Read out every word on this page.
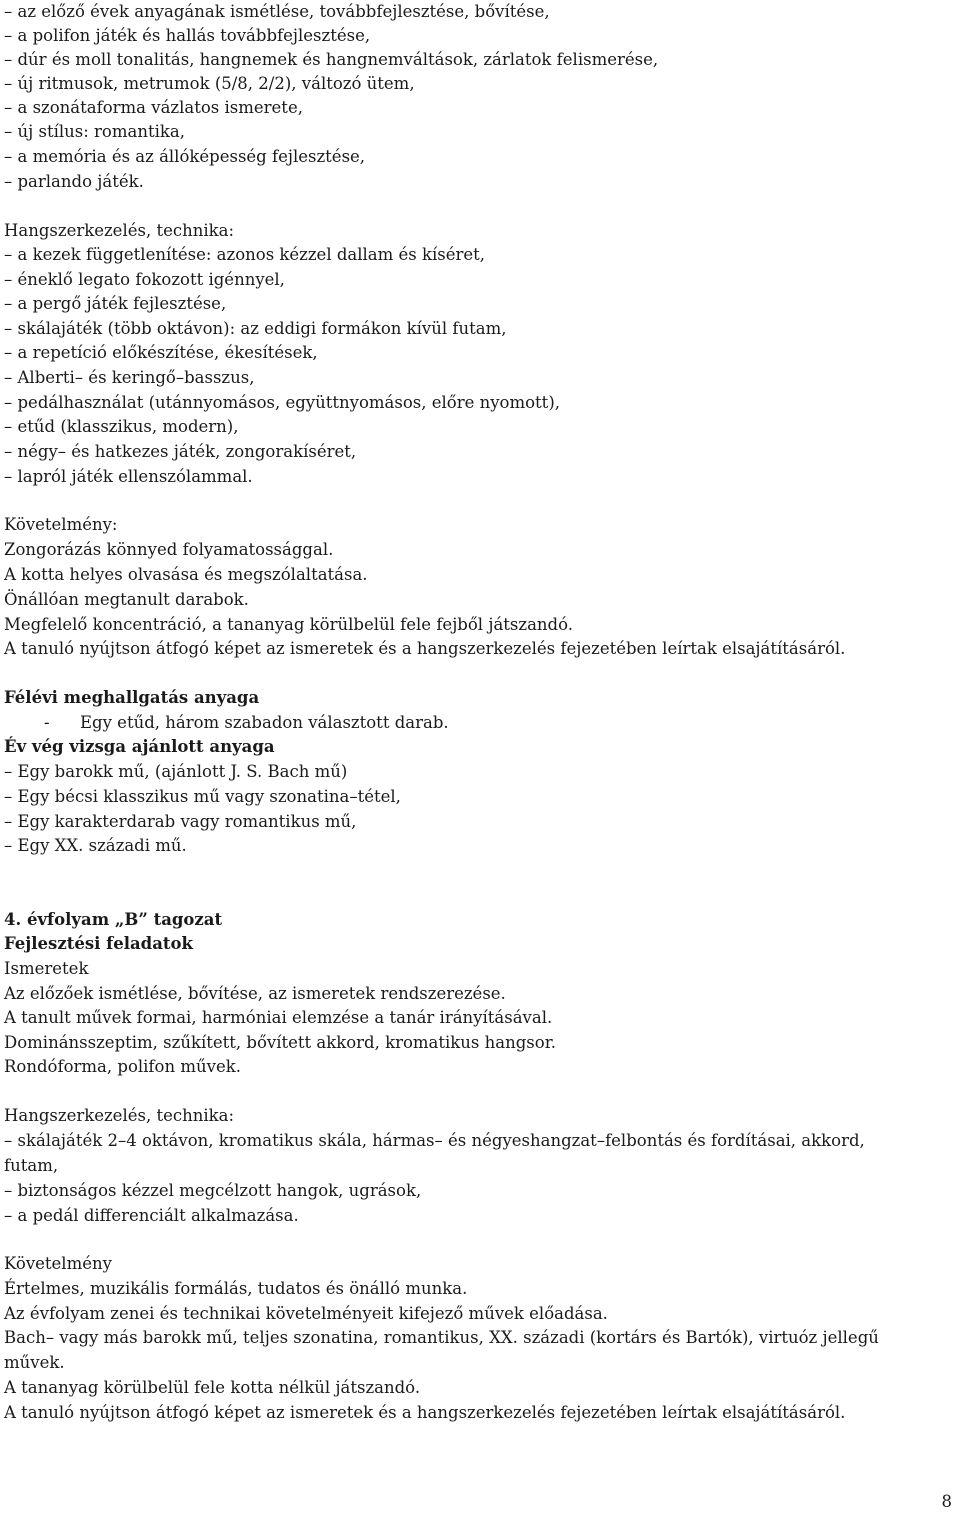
– az előző évek anyagának ismétlése, továbbfejlesztése, bővítése,
– a polifon játék és hallás továbbfejlesztése,
– dúr és moll tonalitás, hangnemek és hangnemváltások, zárlatok felismerése,
– új ritmusok, metrumok (5/8, 2/2), változó ütem,
– a szonátaforma vázlatos ismerete,
– új stílus: romantika,
– a memória és az állóképesség fejlesztése,
– parlando játék.
Hangszerkezelés, technika:
– a kezek függetlenítése: azonos kézzel dallam és kíséret,
– éneklő legato fokozott igénnyel,
– a pergő játék fejlesztése,
– skálajáték (több oktávon): az eddigi formákon kívül futam,
– a repetíció előkészítése, ékesítések,
– Alberti– és keringő–basszus,
– pedálhasználat (utánnyomásos, együttnyomásos, előre nyomott),
– etűd (klasszikus, modern),
– négy– és hatkezes játék, zongorakíséret,
– lapról játék ellenszólammal.
Követelmény:
Zongorázás könnyed folyamatossággal.
A kotta helyes olvasása és megszólaltatása.
Önállóan megtanult darabok.
Megfelelő koncentráció, a tananyag körülbelül fele fejből játszandó.
A tanuló nyújtson átfogó képet az ismeretek és a hangszerkezelés fejezetében leírtak elsajátításáról.
Félévi meghallgatás anyaga
- Egy etűd, három szabadon választott darab.
Év vég vizsga ajánlott anyaga
– Egy barokk mű, (ajánlott J. S. Bach mű)
– Egy bécsi klasszikus mű vagy szonatina–tétel,
– Egy karakterdarab vagy romantikus mű,
– Egy XX. századi mű.
4. évfolyam „B” tagozat
Fejlesztési feladatok
Ismeretek
Az előzőek ismétlése, bővítése, az ismeretek rendszerezése.
A tanult művek formai, harmóniai elemzése a tanár irányításával.
Dominánsszeptim, szűkített, bővített akkord, kromatikus hangsor.
Rondóforma, polifon művek.
Hangszerkezelés, technika:
– skálajáték 2–4 oktávon, kromatikus skála, hármas– és négyeshangzat–felbontás és fordításai, akkord,
futam,
– biztonságos kézzel megcélzott hangok, ugrások,
– a pedál differenciált alkalmazása.
Követelmény
Értelmes, muzikális formálás, tudatos és önálló munka.
Az évfolyam zenei és technikai követelményeit kifejező művek előadása.
Bach– vagy más barokk mű, teljes szonatina, romantikus, XX. századi (kortárs és Bartók), virtuóz jellegű
művek.
A tananyag körülbelül fele kotta nélkül játszandó.
A tanuló nyújtson átfogó képet az ismeretek és a hangszerkezelés fejezetében leírtak elsajátításáról.
8
